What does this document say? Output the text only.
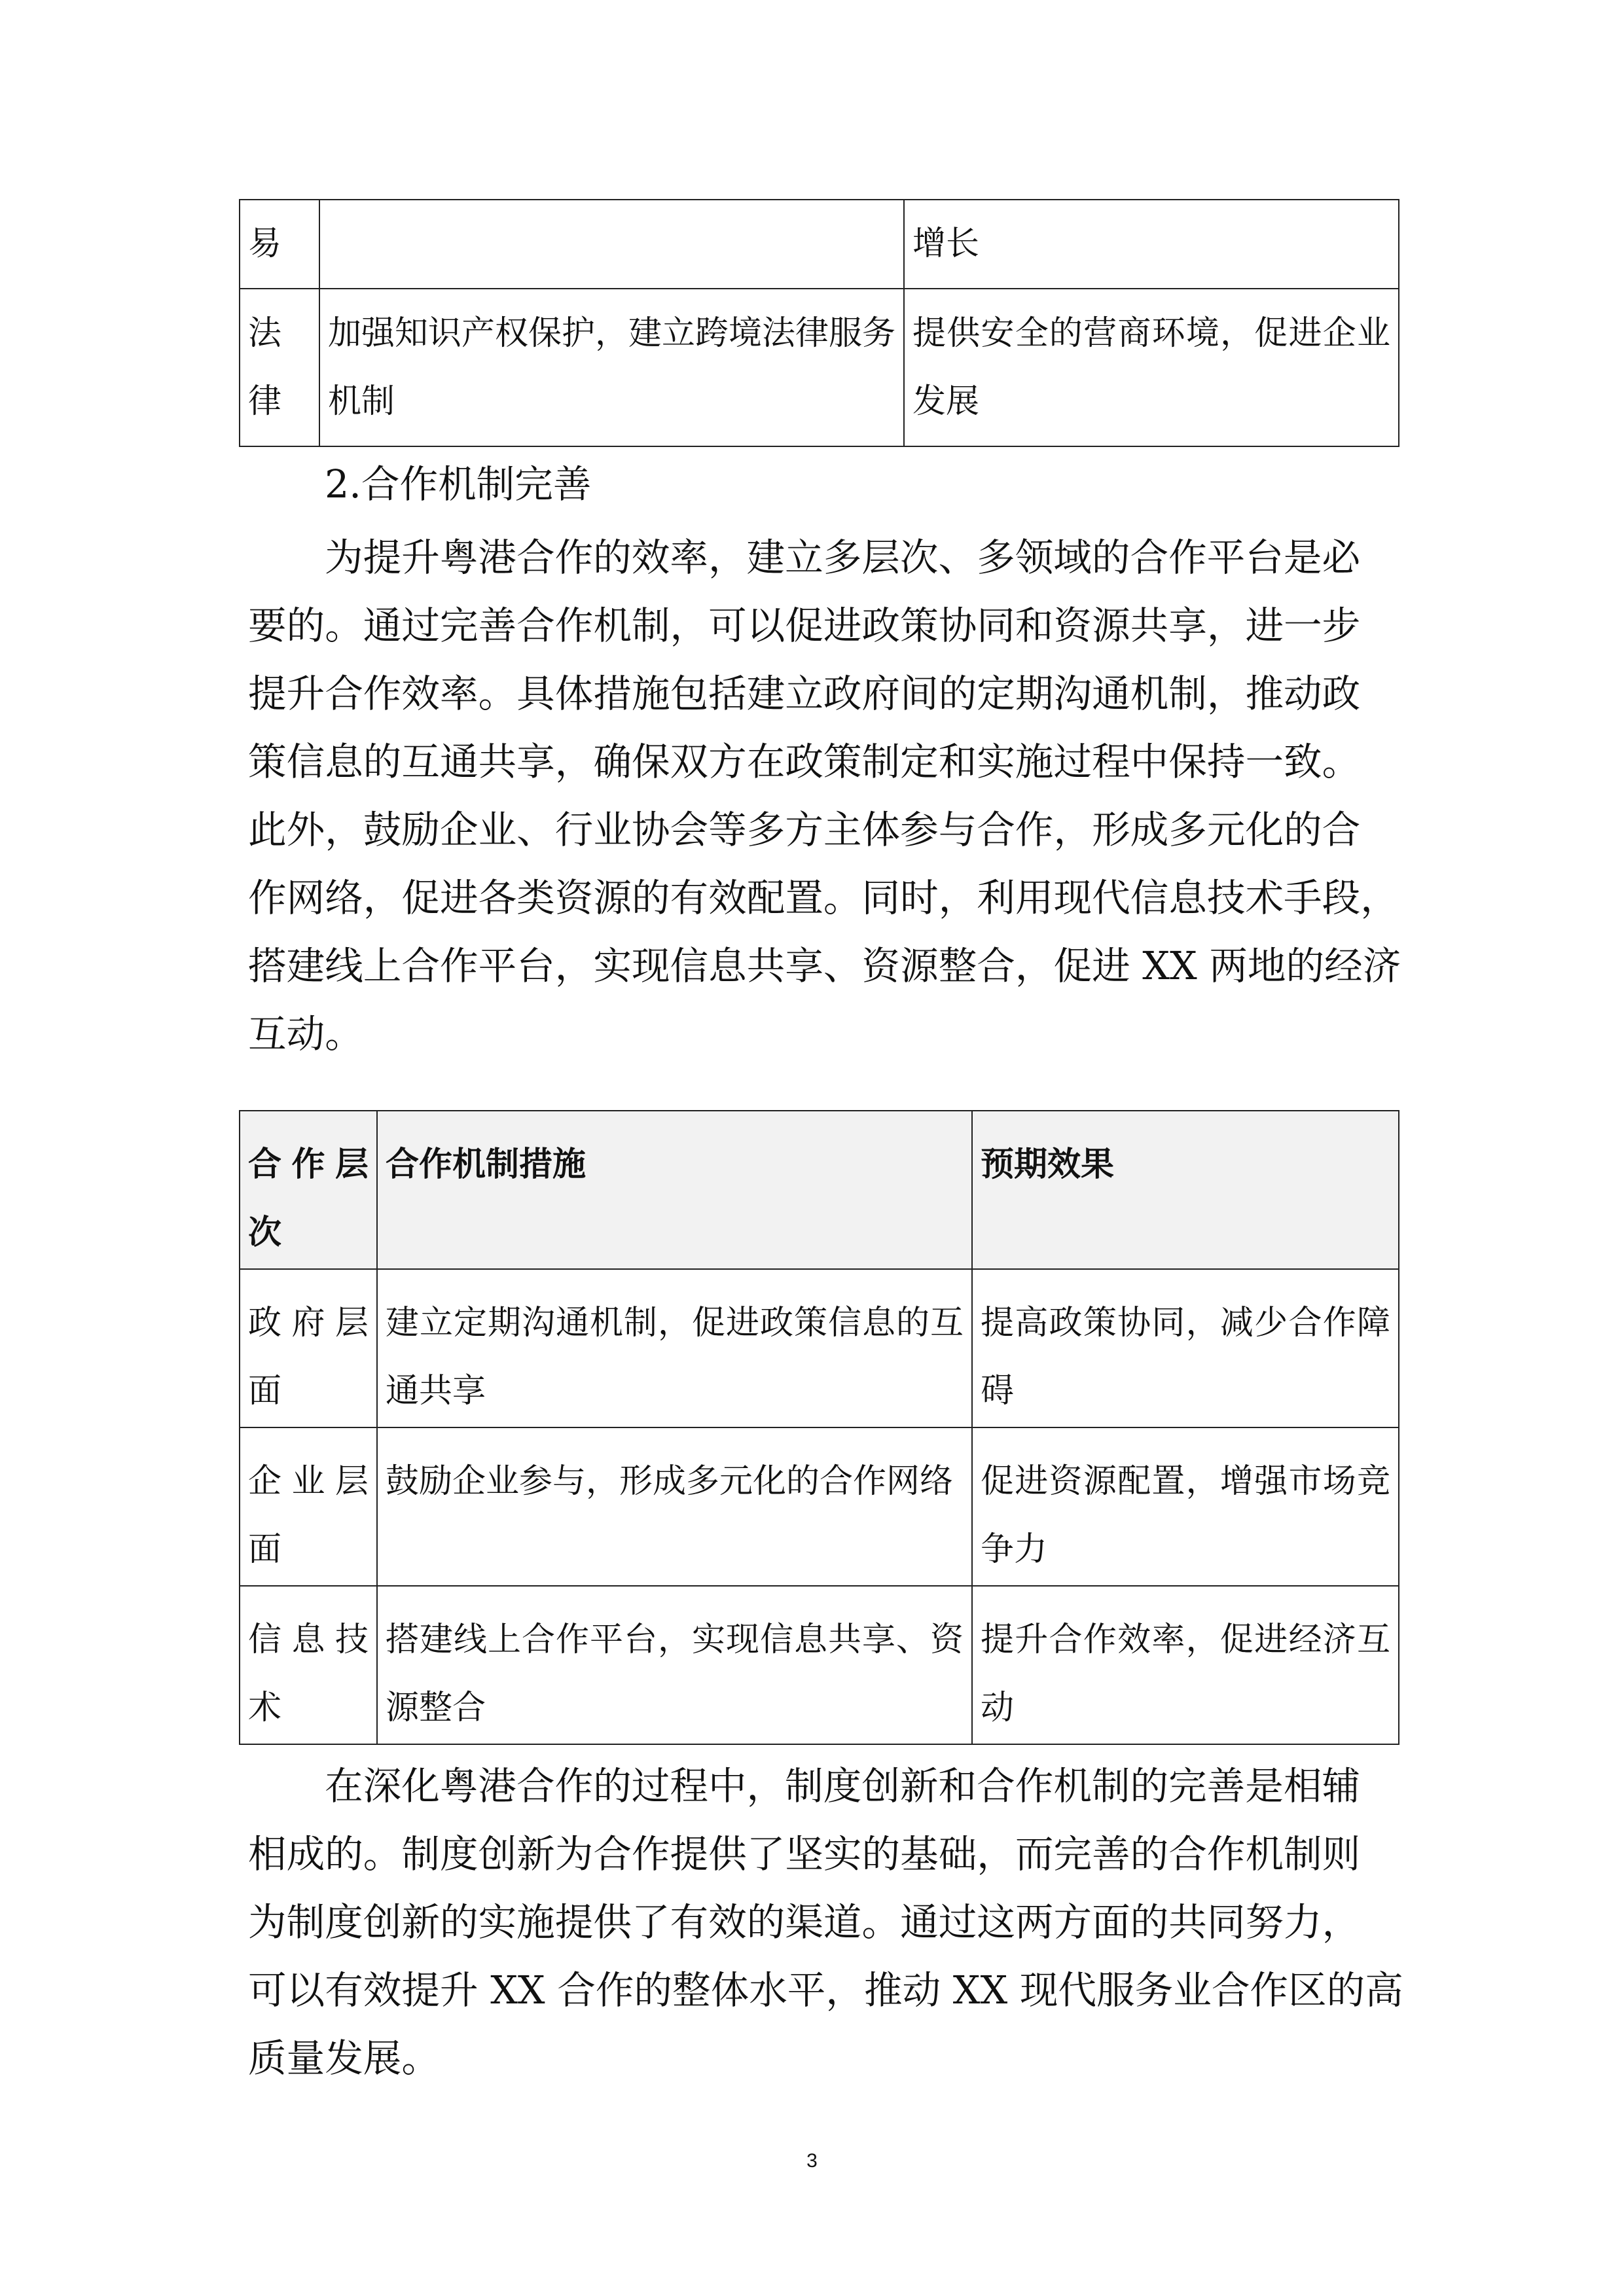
易		增长
法律	加强知识产权保护，建立跨境法律服务机制	提供安全的营商环境，促进企业发展
2.合作机制完善
为提升粤港合作的效率，建立多层次、多领域的合作平台是必
要的。通过完善合作机制，可以促进政策协同和资源共享，进一步
提升合作效率。具体措施包括建立政府间的定期沟通机制，推动政
策信息的互通共享，确保双方在政策制定和实施过程中保持一致。
此外，鼓励企业、行业协会等多方主体参与合作，形成多元化的合
作网络，促进各类资源的有效配置。同时，利用现代信息技术手段，
搭建线上合作平台，实现信息共享、资源整合，促进 XX 两地的经济
互动。
合作层次	合作机制措施	预期效果
政府层面	建立定期沟通机制，促进政策信息的互通共享	提高政策协同，减少合作障碍
企业层面	鼓励企业参与，形成多元化的合作网络	促进资源配置，增强市场竞争力
信息技术	搭建线上合作平台，实现信息共享、资源整合	提升合作效率，促进经济互动
在深化粤港合作的过程中，制度创新和合作机制的完善是相辅
相成的。制度创新为合作提供了坚实的基础，而完善的合作机制则
为制度创新的实施提供了有效的渠道。通过这两方面的共同努力，
可以有效提升 XX 合作的整体水平，推动 XX 现代服务业合作区的高
质量发展。
3
